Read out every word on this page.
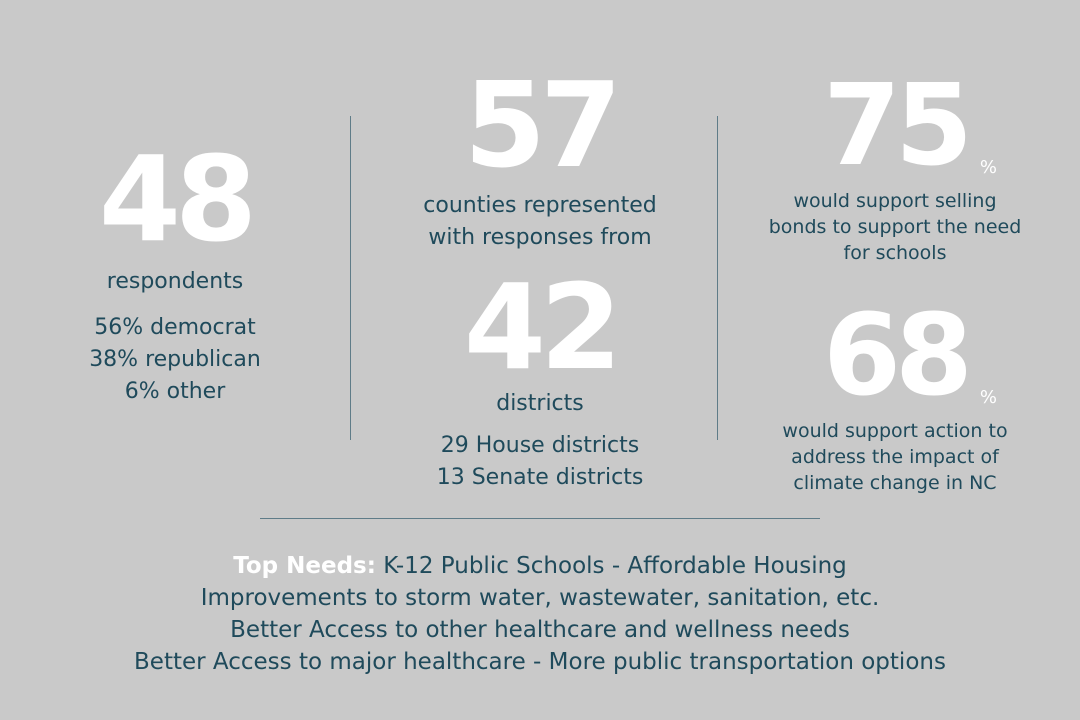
48
respondents
56% democrat
38% republican
6% other
57
counties represented
with responses from
42
districts
29 House districts
13 Senate districts
75 %
would support selling
bonds to support the need
for schools
68 %
would support action to
address the impact of
climate change in NC
Top Needs: K-12 Public Schools - Affordable Housing
Improvements to storm water, wastewater, sanitation, etc.
Better Access to other healthcare and wellness needs
Better Access to major healthcare - More public transportation options
